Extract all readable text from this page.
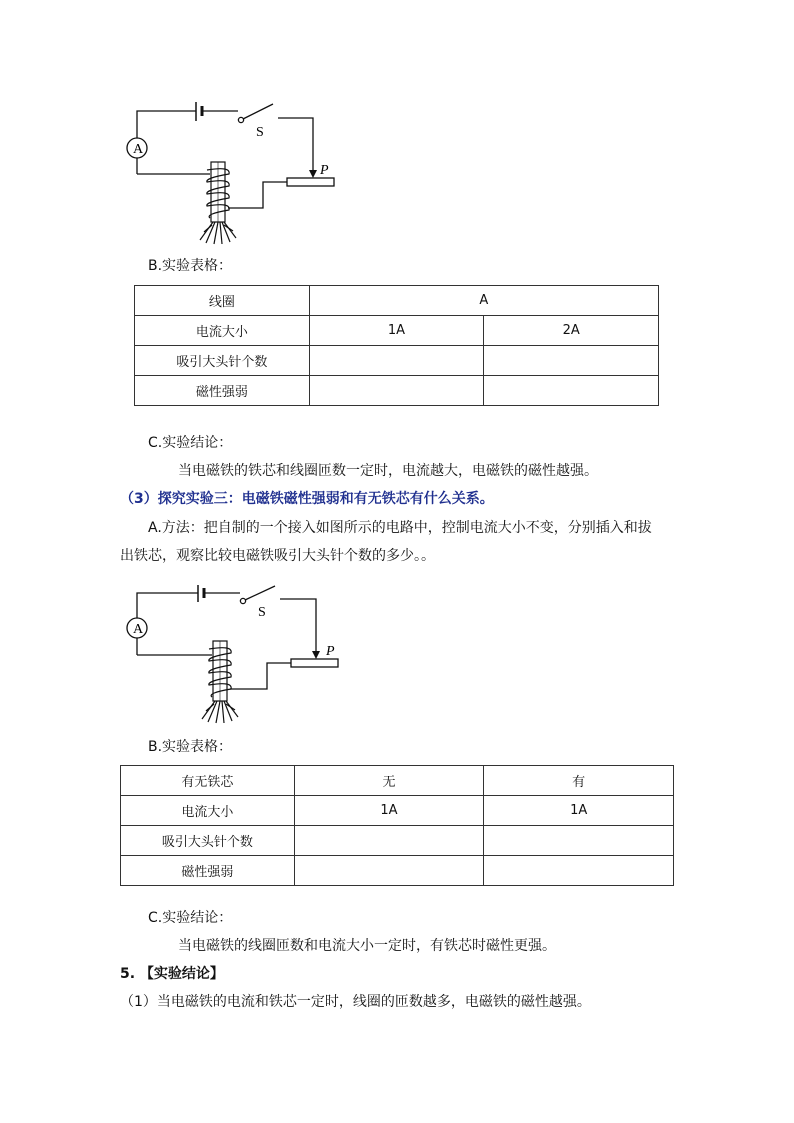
A
S
P
B.实验表格：
线圈	A	
电流大小	1A	2A
吸引大头针个数		
磁性强弱		
C.实验结论：
当电磁铁的铁芯和线圈匝数一定时，电流越大，电磁铁的磁性越强。
（3）探究实验三：电磁铁磁性强弱和有无铁芯有什么关系。
A.方法：把自制的一个接入如图所示的电路中，控制电流大小不变，分别插入和拔
出铁芯，观察比较电磁铁吸引大头针个数的多少。。
A
S
P
B.实验表格：
有无铁芯	无	有
电流大小	1A	1A
吸引大头针个数		
磁性强弱		
C.实验结论：
当电磁铁的线圈匝数和电流大小一定时，有铁芯时磁性更强。
5. 【实验结论】
（1）当电磁铁的电流和铁芯一定时，线圈的匝数越多，电磁铁的磁性越强。
